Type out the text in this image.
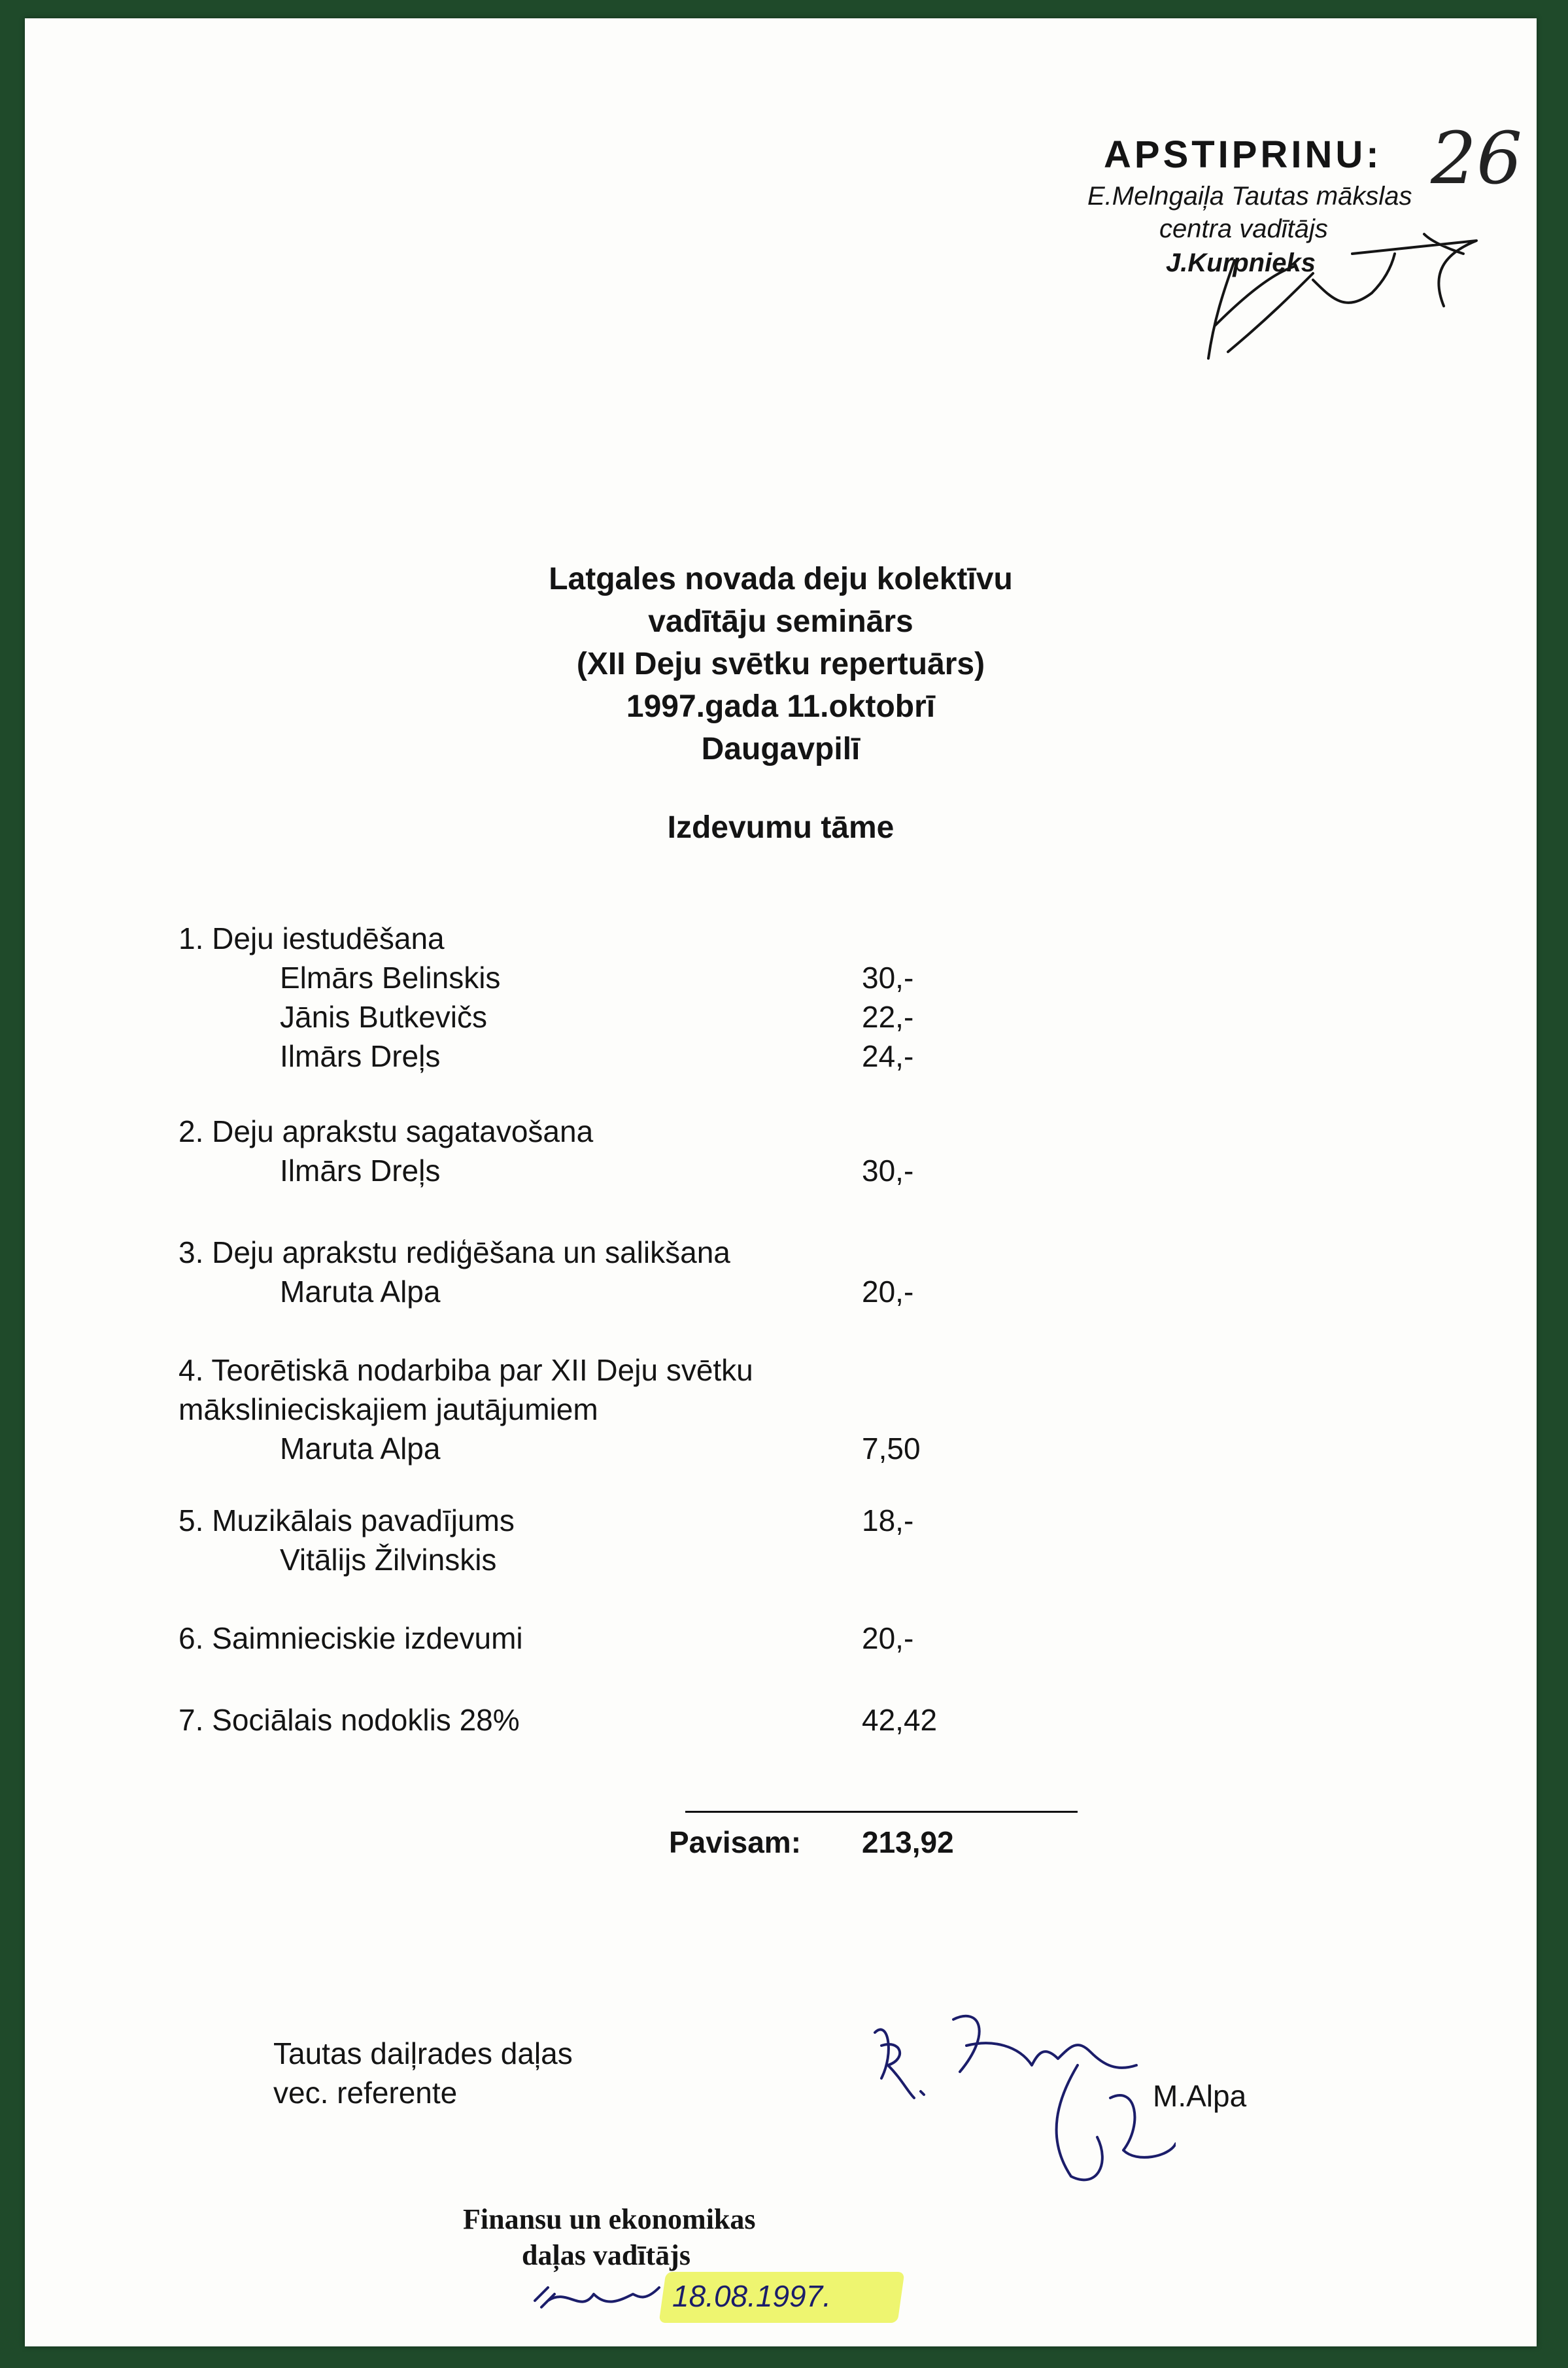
APSTIPRINU:
E.Melngaiļa Tautas mākslas
centra vadītājs
J.Kurpnieks
26
Latgales novada deju kolektīvu
vadītāju seminārs
(XII Deju svētku repertuārs)
1997.gada 11.oktobrī
Daugavpilī
Izdevumu tāme
1. Deju iestudēšana
Elmārs Belinskis	30,-
Jānis Butkevičs	22,-
Ilmārs Dreļs	24,-
2. Deju aprakstu sagatavošana
Ilmārs Dreļs	30,-
3. Deju aprakstu rediģēšana un salikšana
Maruta Alpa	20,-
4. Teorētiskā nodarbiba par XII Deju svētku
mākslinieciskajiem jautājumiem
Maruta Alpa	7,50
5. Muzikālais pavadījums	18,-
Vitālijs Žilvinskis
6. Saimnieciskie izdevumi	20,-
7. Sociālais nodoklis 28%	42,42
Pavisam: 213,92
Tautas daiļrades daļas
vec. referente	M.Alpa
Finansu un ekonomikas
daļas vadītājs
18.08.1997.
